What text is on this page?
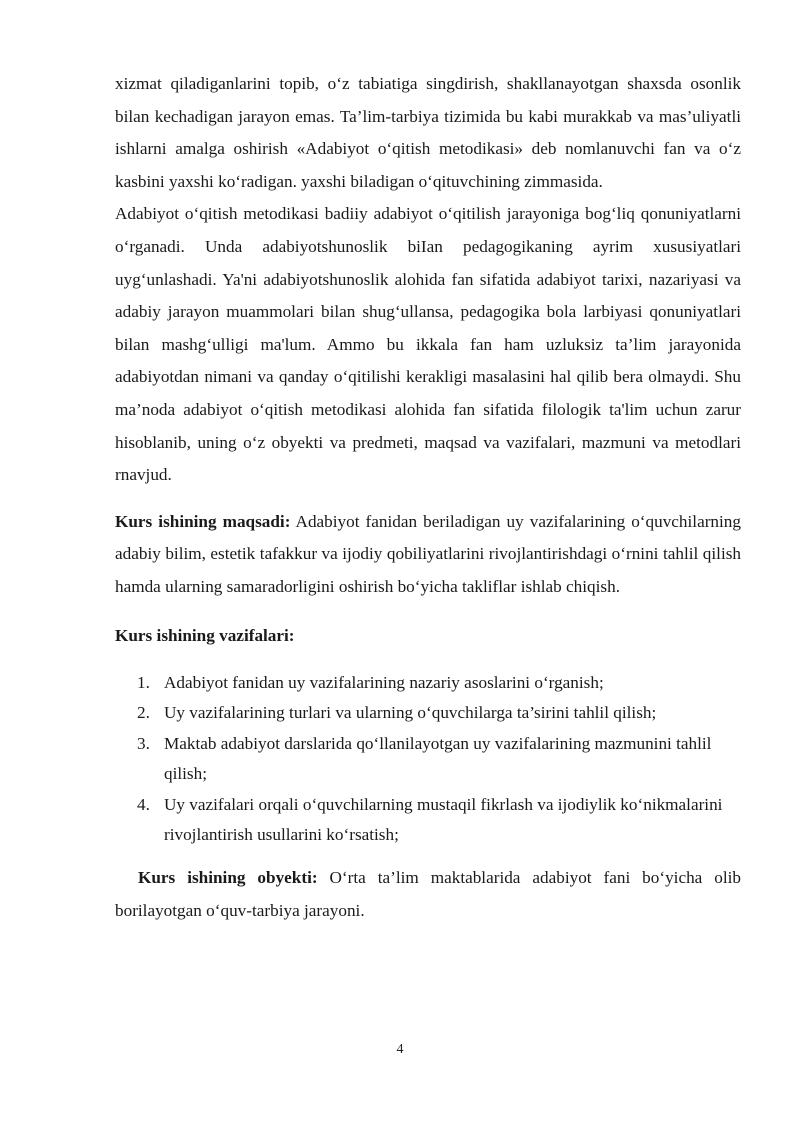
xizmat qiladiganlarini topib, o‘z tabiatiga singdirish, shakllanayotgan shaxsda osonlik bilan kechadigan jarayon emas. Ta’lim-tarbiya tizimida bu kabi murakkab va mas’uliyatli ishlarni amalga oshirish «Adabiyot o‘qitish metodikasi» deb nomlanuvchi fan va o‘z kasbini yaxshi ko‘radigan. yaxshi biladigan o‘qituvchining zimmasida.

Adabiyot o‘qitish metodikasi badiiy adabiyot o‘qitilish jarayoniga bog‘liq qonuniyatlarni o‘rganadi. Unda adabiyotshunoslik biIan pedagogikaning ayrim xususiyatlari uyg‘unlashadi. Ya'ni adabiyotshunoslik alohida fan sifatida adabiyot tarixi, nazariyasi va adabiy jarayon muammolari bilan shug‘ullansa, pedagogika bola larbiyasi qonuniyatlari bilan mashg‘ulligi ma'lum. Ammo bu ikkala fan ham uzluksiz ta’lim jarayonida adabiyotdan nimani va qanday o‘qitilishi kerakligi masalasini hal qilib bera olmaydi. Shu ma’noda adabiyot o‘qitish metodikasi alohida fan sifatida filologik ta'lim uchun zarur hisoblanib, uning o‘z obyekti va predmeti, maqsad va vazifalari, mazmuni va metodlari rnavjud.

Kurs ishining maqsadi: Adabiyot fanidan beriladigan uy vazifalarining o‘quvchilarning adabiy bilim, estetik tafakkur va ijodiy qobiliyatlarini rivojlantirishdagi o‘rnini tahlil qilish hamda ularning samaradorligini oshirish bo‘yicha takliflar ishlab chiqish.

Kurs ishining vazifalari:

1. Adabiyot fanidan uy vazifalarining nazariy asoslarini o‘rganish;
2. Uy vazifalarining turlari va ularning o‘quvchilarga ta’sirini tahlil qilish;
3. Maktab adabiyot darslarida qo‘llanilayotgan uy vazifalarining mazmunini tahlil qilish;
4. Uy vazifalari orqali o‘quvchilarning mustaqil fikrlash va ijodiylik ko‘nikmalarini rivojlantirish usullarini ko‘rsatish;

Kurs ishining obyekti: O‘rta ta’lim maktablarida adabiyot fani bo‘yicha olib borilayotgan o‘quv-tarbiya jarayoni.

4
